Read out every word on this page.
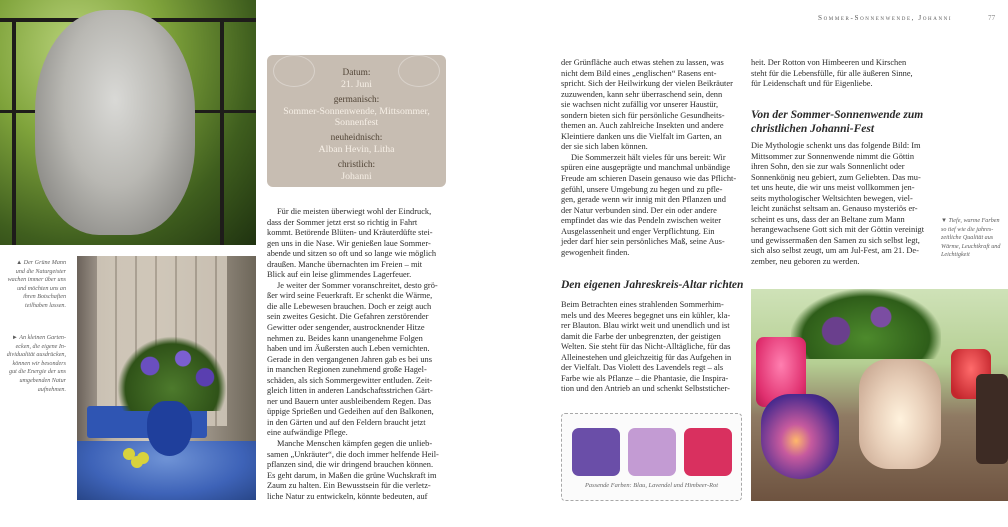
Sommer-Sonnenwende, Johanni	77
Datum:
21. Juni
germanisch:
Sommer-Sonnenwende, Mittsommer,
Sonnenfest
neuheidnisch:
Alban Hevin, Litha
christlich:
Johanni
▲ Der Grüne Mann
und die Naturgeister
wachen immer über uns
und möchten uns an
ihren Botschaften
teilhaben lassen.
► An kleinen Garten-
ecken, die eigene In-
dividualität ausdrücken,
können wir besonders
gut die Energie der uns
umgebenden Natur
aufnehmen.
▼ Tiefe, warme Farben
so tief wie die jahres-
zeitliche Qualität aus
Wärme, Leuchtkraft und
Leichtigkeit

Für die meisten überwiegt wohl der Eindruck,
dass der Sommer jetzt erst so richtig in Fahrt
kommt. Betörende Blüten- und Kräuterdüfte stei-
gen uns in die Nase. Wir genießen laue Sommer-
abende und sitzen so oft und so lange wie möglich
draußen. Manche übernachten im Freien – mit
Blick auf ein leise glimmendes Lagerfeuer.

Je weiter der Sommer voranschreitet, desto grö-
ßer wird seine Feuerkraft. Er schenkt die Wärme,
die alle Lebewesen brauchen. Doch er zeigt auch
sein zweites Gesicht. Die Gefahren zerstörender
Gewitter oder sengender, austrocknender Hitze
nehmen zu. Beides kann unangenehme Folgen
haben und im Äußersten auch Leben vernichten.
Gerade in den vergangenen Jahren gab es bei uns
in manchen Regionen zunehmend große Hagel-
schäden, als sich Sommergewitter entluden. Zeit-
gleich litten in anderen Landschaftsstrichen Gärt-
ner und Bauern unter ausbleibendem Regen. Das
üppige Sprießen und Gedeihen auf den Balkonen,
in den Gärten und auf den Feldern braucht jetzt
eine aufwändige Pflege.

Manche Menschen kämpfen gegen die unlieb-
samen „Unkräuter“, die doch immer helfende Heil-
pflanzen sind, die wir dringend brauchen können.
Es geht darum, in Maßen die grüne Wuchskraft im
Zaum zu halten. Ein Bewusstsein für die verletz-
liche Natur zu entwickeln, könnte bedeuten, auf

der Grünfläche auch etwas stehen zu lassen, was
nicht dem Bild eines „englischen“ Rasens ent-
spricht. Sich der Heilwirkung der vielen Beikräuter
zuzuwenden, kann sehr überraschend sein, denn
sie wachsen nicht zufällig vor unserer Haustür,
sondern bieten sich für persönliche Gesundheits-
themen an. Auch zahlreiche Insekten und andere
Kleintiere danken uns die Vielfalt im Garten, an
der sie sich laben können.

Die Sommerzeit hält vieles für uns bereit: Wir
spüren eine ausgeprägte und manchmal unbändige
Freude am schieren Dasein genauso wie das Pflicht-
gefühl, unsere Umgebung zu hegen und zu pfle-
gen, gerade wenn wir innig mit den Pflanzen und
der Natur verbunden sind. Der ein oder andere
empfindet das wie das Pendeln zwischen weiter
Ausgelassenheit und enger Verpflichtung. Ein
jeder darf hier sein persönliches Maß, seine Aus-
gewogenheit finden.

Den eigenen Jahreskreis-Altar richten
Beim Betrachten eines strahlenden Sommerhim-
mels und des Meeres begegnet uns ein kühler, kla-
rer Blauton. Blau wirkt weit und unendlich und ist
damit die Farbe der unbegrenzten, der geistigen
Welten. Sie steht für das Nicht-Alltägliche, für das
Alleinestehen und gleichzeitig für das Aufgehen in
der Vielfalt. Das Violett des Lavendels regt – als
Farbe wie als Pflanze – die Phantasie, die Inspira-
tion und den Antrieb an und schenkt Selbststicher-
heit. Der Rotton von Himbeeren und Kirschen
steht für die Lebensfülle, für alle äußeren Sinne,
für Leidenschaft und für Eigenliebe.
Von der Sommer-Sonnenwende zum
christlichen Johanni-Fest
Die Mythologie schenkt uns das folgende Bild: Im
Mittsommer zur Sonnenwende nimmt die Göttin
ihren Sohn, den sie zur ᴡals Sonnenlicht oder
Sonnenkönig neu gebiert, zum Geliebten. Das mu-
tet uns heute, die wir uns meist vollkommen jen-
seits mythologischer Weltsichten bewegen, viel-
leicht zunächst seltsam an. Genauso mysteriös er-
scheint es uns, dass der an Beltane zum Mann
herangewachsene Gott sich mit der Göttin vereinigt
und gewissermaßen den Samen zu sich selbst legt,
sich also selbst zeugt, um am Jul-Fest, am 21. De-
zember, neu geboren zu werden.
Passende Farben: Blau, Lavendel und Himbeer-Rot
